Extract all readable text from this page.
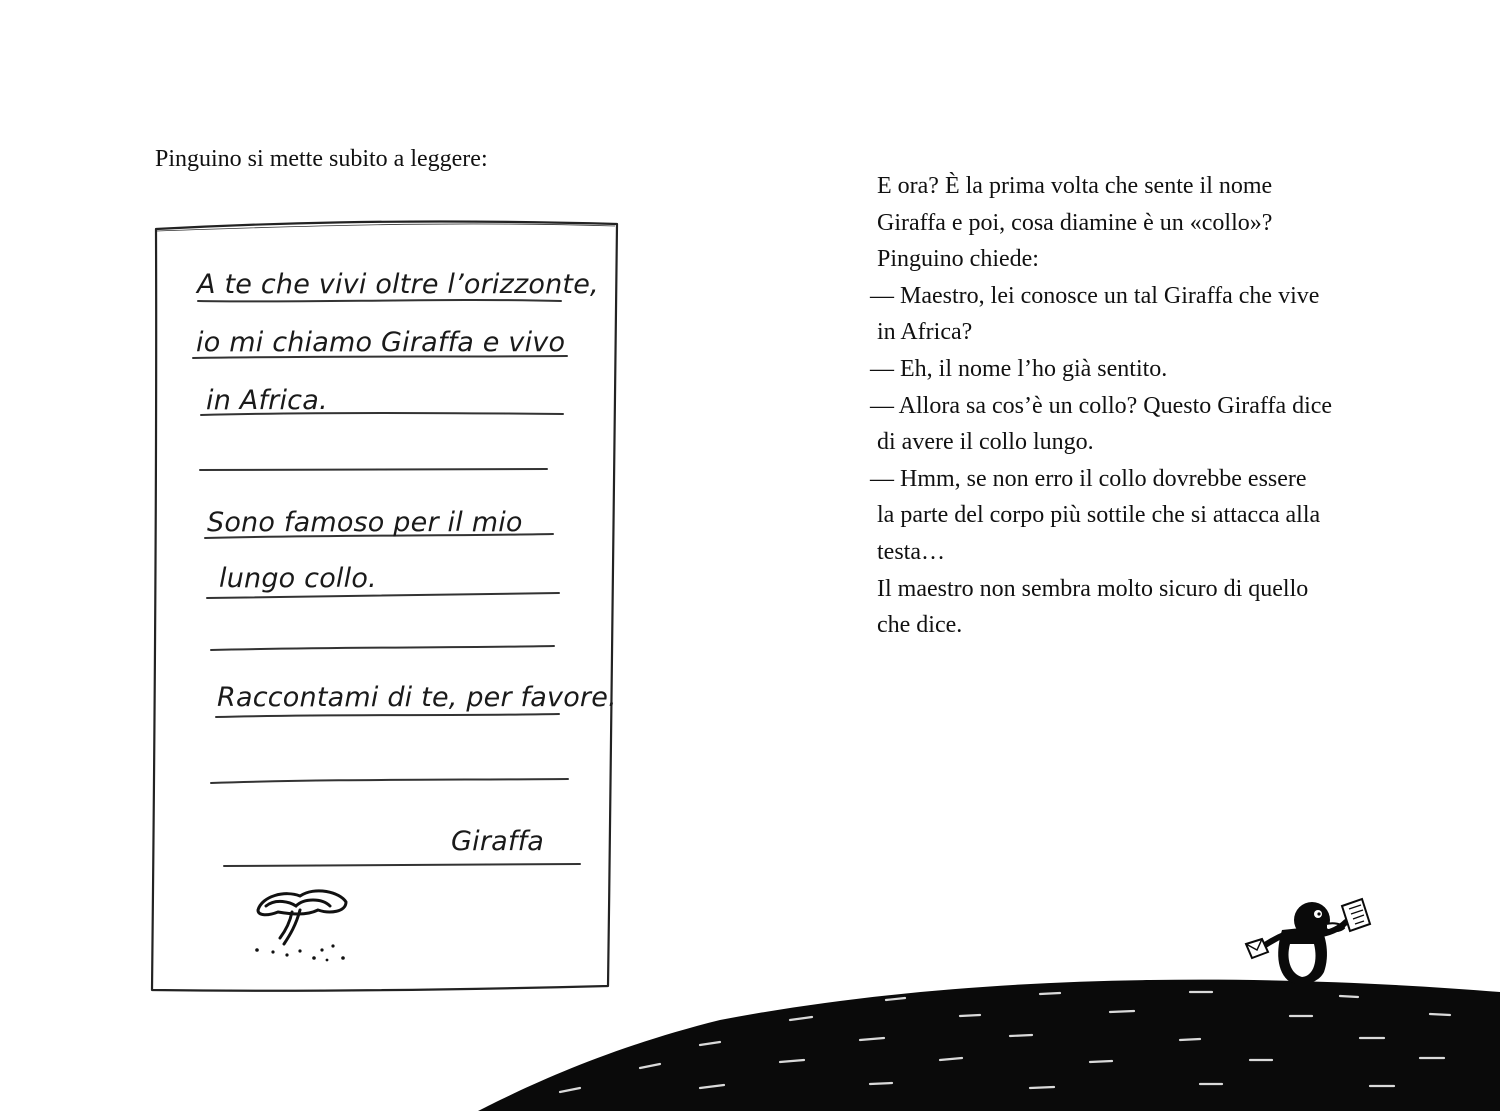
Pinguino si mette subito a leggere:
A te che vivi oltre l’orizzonte,
io mi chiamo Giraffa e vivo
in Africa.
Sono famoso per il mio
lungo collo.
Raccontami di te, per favore.
Giraffa

E ora? È la prima volta che sente il nome

Giraffa e poi, cosa diamine è un «collo»?

Pinguino chiede:

— Maestro, lei conosce un tal Giraffa che vive

in Africa?

— Eh, il nome l’ho già sentito.

— Allora sa cos’è un collo? Questo Giraffa dice

di avere il collo lungo.

— Hmm, se non erro il collo dovrebbe essere

la parte del corpo più sottile che si attacca alla

testa…

Il maestro non sembra molto sicuro di quello

che dice.
